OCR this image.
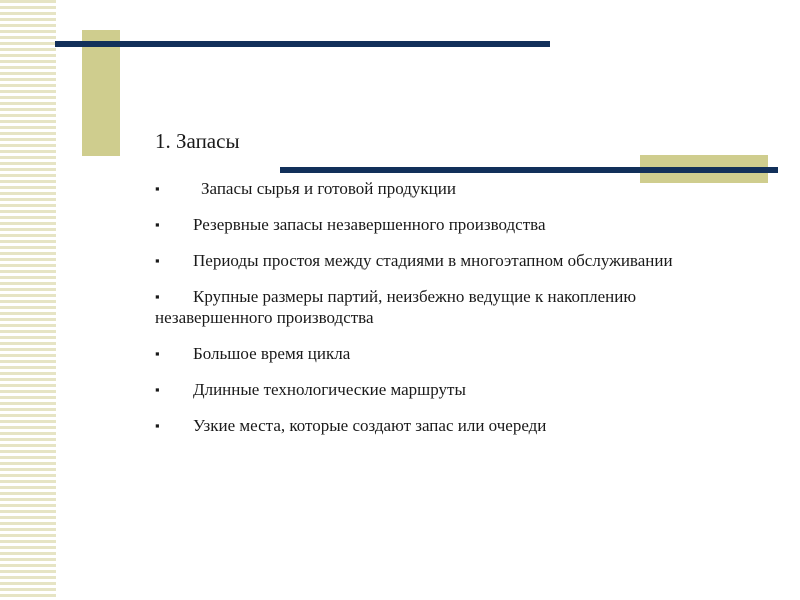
1. Запасы
▪ Запасы сырья и готовой продукции
▪ Резервные запасы незавершенного производства
▪ Периоды простоя между стадиями в многоэтапном обслуживании
▪ Крупные размеры партий, неизбежно ведущие к накоплению незавершенного производства
▪ Большое время цикла
▪ Длинные технологические маршруты
▪ Узкие места, которые создают запас или очереди
